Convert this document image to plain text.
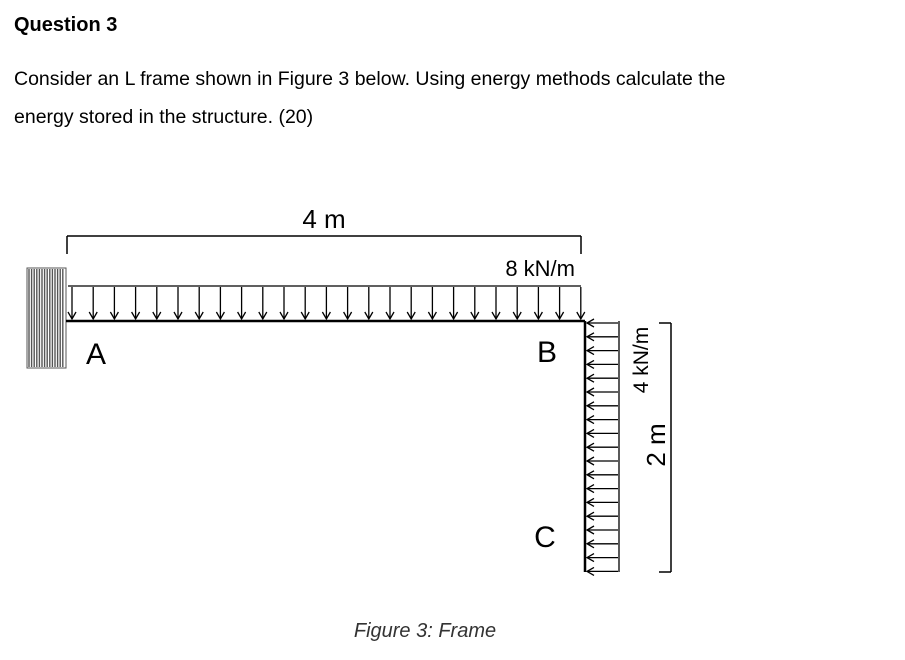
Question 3
Consider an L frame shown in Figure 3 below. Using energy methods calculate the
energy stored in the structure. (20)
4 m
8 kN/m
4 kN/m
2 m
A	B
C
Figure 3: Frame
